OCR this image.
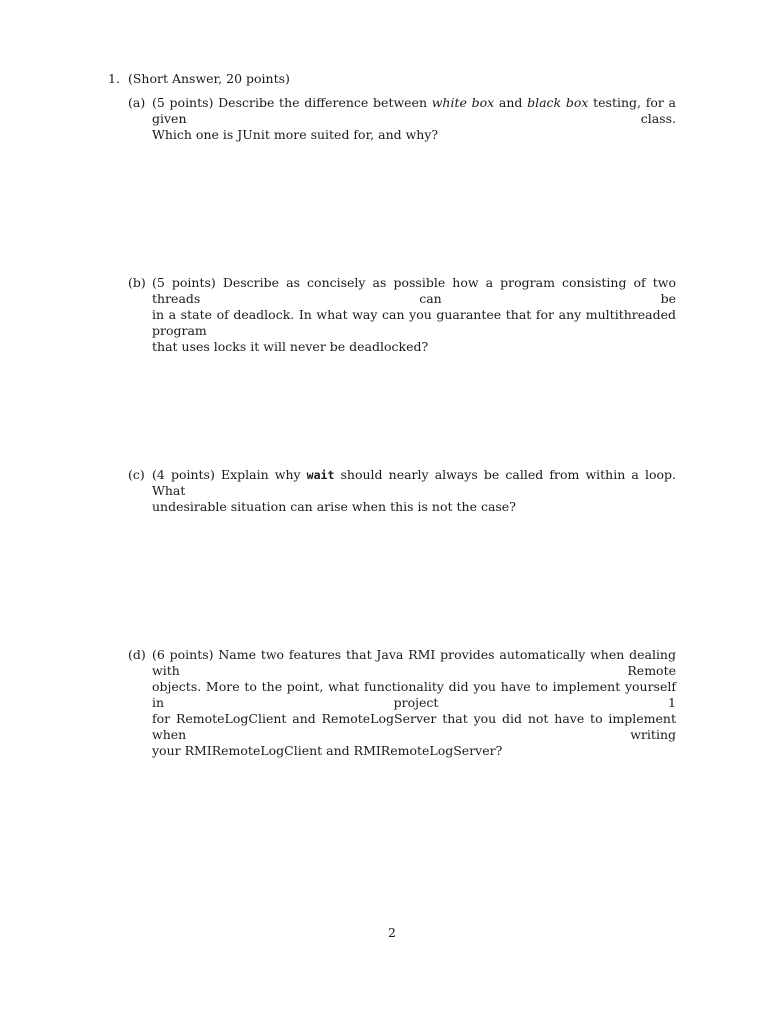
1. (Short Answer, 20 points)
(a) (5 points) Describe the difference between white box and black box testing, for a given class.
Which one is JUnit more suited for, and why?
(b) (5 points) Describe as concisely as possible how a program consisting of two threads can be
in a state of deadlock. In what way can you guarantee that for any multithreaded program
that uses locks it will never be deadlocked?
(c) (4 points) Explain why wait should nearly always be called from within a loop. What
undesirable situation can arise when this is not the case?
(d) (6 points) Name two features that Java RMI provides automatically when dealing with Remote
objects. More to the point, what functionality did you have to implement yourself in project 1
for RemoteLogClient and RemoteLogServer that you did not have to implement when writing
your RMIRemoteLogClient and RMIRemoteLogServer?
2
